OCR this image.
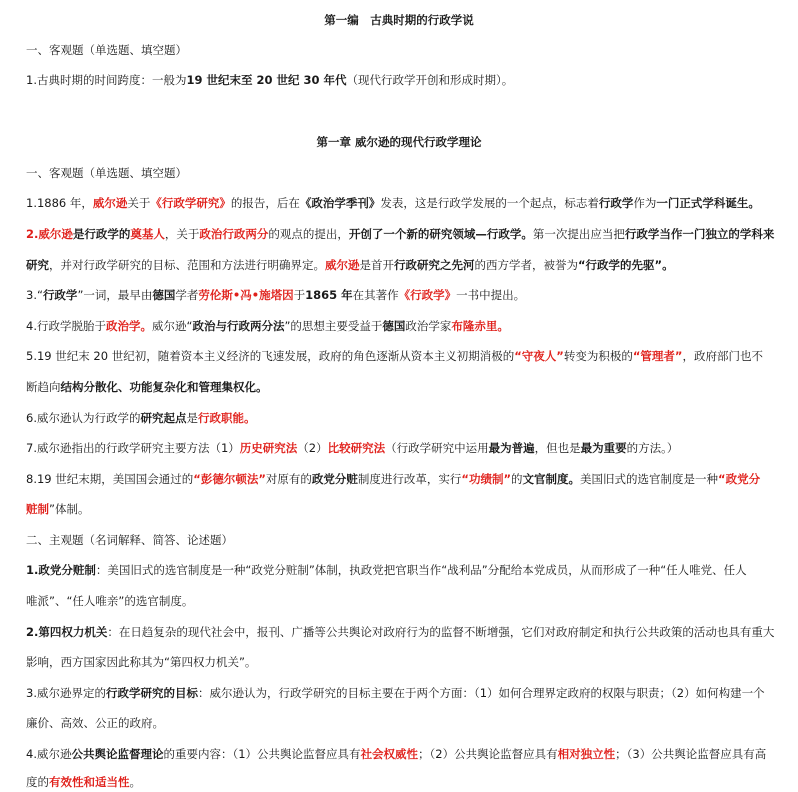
第一编　古典时期的行政学说
一、客观题（单选题、填空题）
1.古典时期的时间跨度：一般为19 世纪末至 20 世纪 30 年代（现代行政学开创和形成时期）。
第一章 威尔逊的现代行政学理论
一、客观题（单选题、填空题）
1.1886 年，威尔逊关于《行政学研究》的报告，后在《政治学季刊》发表，这是行政学发展的一个起点，标志着行政学作为一门正式学科诞生。
2.威尔逊是行政学的奠基人，关于政治行政两分的观点的提出，开创了一个新的研究领域—行政学。第一次提出应当把行政学当作一门独立的学科来
研究，并对行政学研究的目标、范围和方法进行明确界定。威尔逊是首开行政研究之先河的西方学者，被誉为“行政学的先驱”。
3.“行政学”一词，最早由德国学者劳伦斯•冯•施塔因于1865 年在其著作《行政学》一书中提出。
4.行政学脱胎于政治学。威尔逊“政治与行政两分法”的思想主要受益于德国政治学家布隆赤里。
5.19 世纪末 20 世纪初，随着资本主义经济的飞速发展，政府的角色逐渐从资本主义初期消极的“守夜人”转变为积极的“管理者”，政府部门也不
断趋向结构分散化、功能复杂化和管理集权化。
6.威尔逊认为行政学的研究起点是行政职能。
7.威尔逊指出的行政学研究主要方法（1）历史研究法（2）比较研究法（行政学研究中运用最为普遍，但也是最为重要的方法。）
8.19 世纪末期，美国国会通过的“彭德尔顿法”对原有的政党分赃制度进行改革，实行“功绩制”的文官制度。美国旧式的选官制度是一种“政党分
赃制”体制。
二、主观题（名词解释、简答、论述题）
1.政党分赃制：美国旧式的选官制度是一种“政党分赃制”体制，执政党把官职当作“战利品”分配给本党成员，从而形成了一种“任人唯党、任人
唯派”、“任人唯亲”的选官制度。
2.第四权力机关：在日趋复杂的现代社会中，报刊、广播等公共舆论对政府行为的监督不断增强，它们对政府制定和执行公共政策的活动也具有重大
影响，西方国家因此称其为“第四权力机关”。
3.威尔逊界定的行政学研究的目标：威尔逊认为，行政学研究的目标主要在于两个方面：（1）如何合理界定政府的权限与职责；（2）如何构建一个
廉价、高效、公正的政府。
4.威尔逊公共舆论监督理论的重要内容：（1）公共舆论监督应具有社会权威性；（2）公共舆论监督应具有相对独立性；（3）公共舆论监督应具有高
度的有效性和适当性。
